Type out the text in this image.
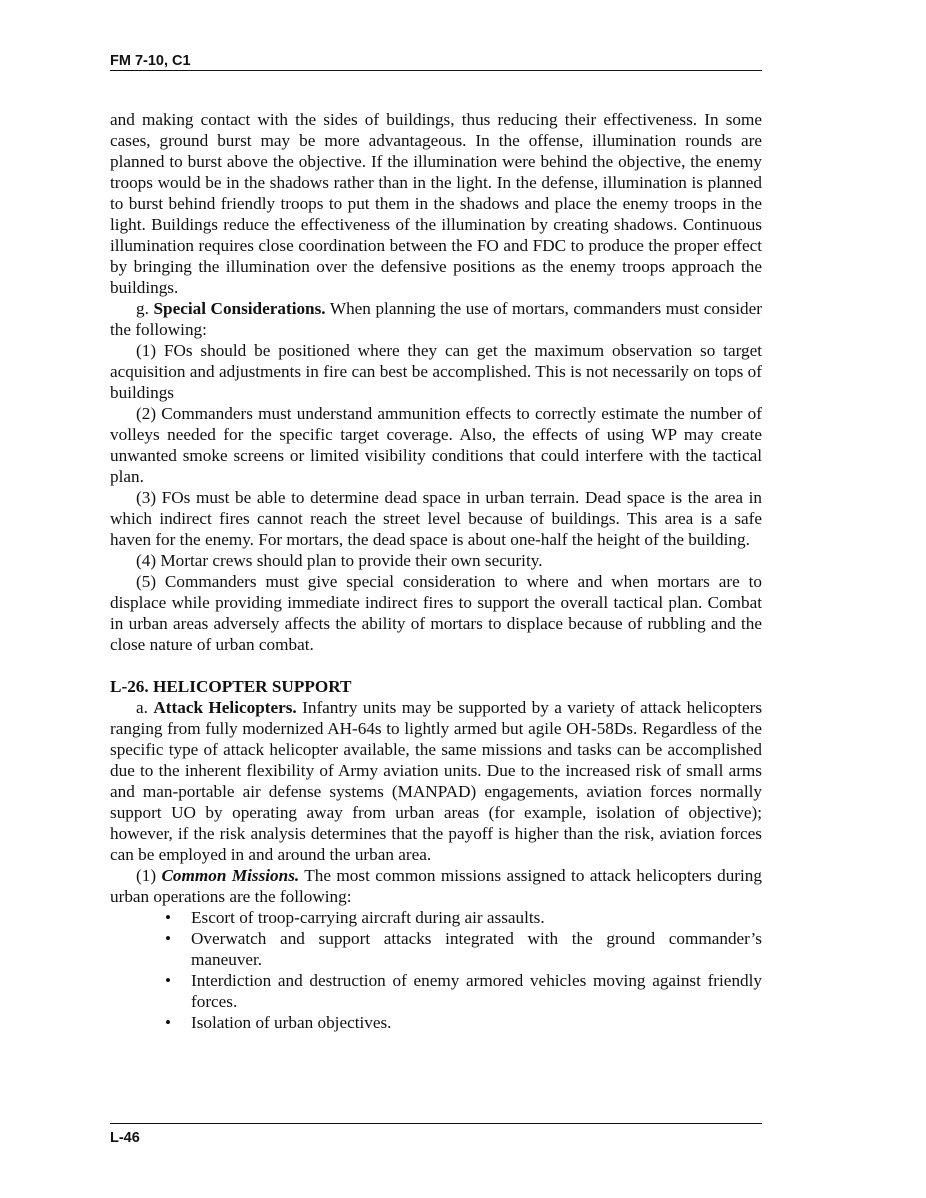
FM 7-10, C1

and making contact with the sides of buildings, thus reducing their effectiveness. In some cases, ground burst may be more advantageous. In the offense, illumination rounds are planned to burst above the objective. If the illumination were behind the objective, the enemy troops would be in the shadows rather than in the light. In the defense, illumination is planned to burst behind friendly troops to put them in the shadows and place the enemy troops in the light. Buildings reduce the effectiveness of the illumination by creating shadows. Continuous illumination requires close coordination between the FO and FDC to produce the proper effect by bringing the illumination over the defensive positions as the enemy troops approach the buildings.

g. Special Considerations. When planning the use of mortars, commanders must consider the following:

(1) FOs should be positioned where they can get the maximum observation so target acquisition and adjustments in fire can best be accomplished. This is not necessarily on tops of buildings

(2) Commanders must understand ammunition effects to correctly estimate the number of volleys needed for the specific target coverage. Also, the effects of using WP may create unwanted smoke screens or limited visibility conditions that could interfere with the tactical plan.

(3) FOs must be able to determine dead space in urban terrain. Dead space is the area in which indirect fires cannot reach the street level because of buildings. This area is a safe haven for the enemy. For mortars, the dead space is about one-half the height of the building.

(4) Mortar crews should plan to provide their own security.

(5) Commanders must give special consideration to where and when mortars are to displace while providing immediate indirect fires to support the overall tactical plan. Combat in urban areas adversely affects the ability of mortars to displace because of rubbling and the close nature of urban combat.

L-26. HELICOPTER SUPPORT

a. Attack Helicopters. Infantry units may be supported by a variety of attack helicopters ranging from fully modernized AH-64s to lightly armed but agile OH-58Ds. Regardless of the specific type of attack helicopter available, the same missions and tasks can be accomplished due to the inherent flexibility of Army aviation units. Due to the increased risk of small arms and man-portable air defense systems (MANPAD) engagements, aviation forces normally support UO by operating away from urban areas (for example, isolation of objective); however, if the risk analysis determines that the payoff is higher than the risk, aviation forces can be employed in and around the urban area.

(1) Common Missions. The most common missions assigned to attack helicopters during urban operations are the following:

• Escort of troop-carrying aircraft during air assaults.
• Overwatch and support attacks integrated with the ground commander’s maneuver.
• Interdiction and destruction of enemy armored vehicles moving against friendly forces.
• Isolation of urban objectives.
L-46
